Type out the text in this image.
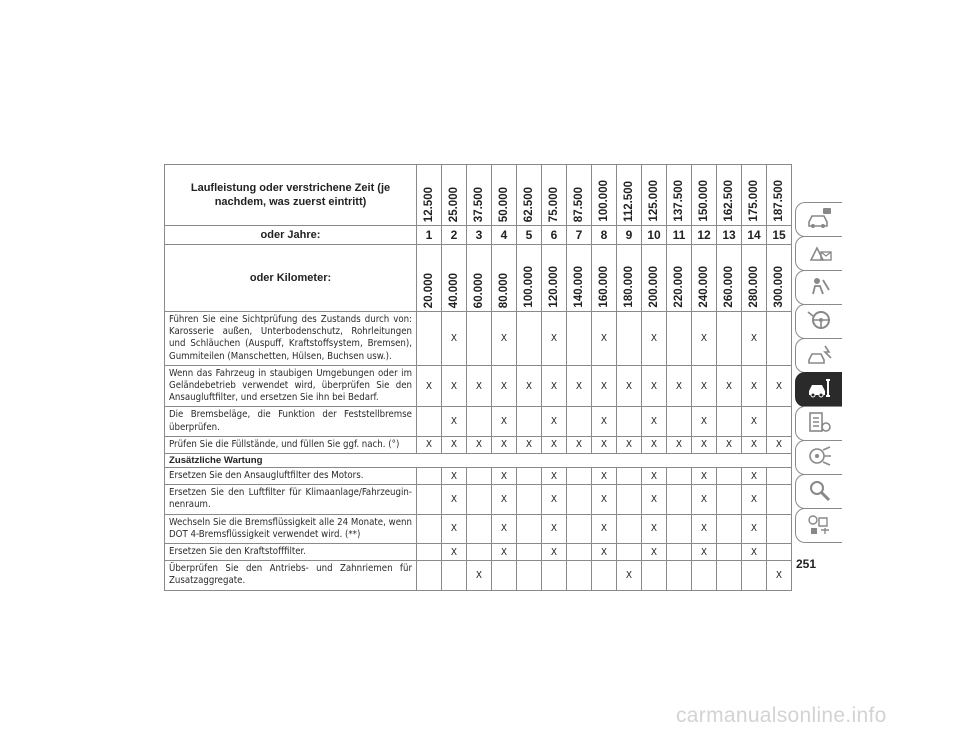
Laufleistung oder verstrichene Zeit (je nachdem, was zuerst eintritt)	12.500	25.000	37.500	50.000	62.500	75.000	87.500	100.000	112.500	125.000	137.500	150.000	162.500	175.000	187.500

oder Jahre:	1	2	3	4	5	6	7	8	9	10	11	12	13	14	15
oder Kilometer:	20.000	40.000	60.000	80.000	100.000	120.000	140.000	160.000	180.000	200.000	220.000	240.000	260.000	280.000	300.000

Führen Sie eine Sichtprüfung des Zustands durch von: Karosserie außen, Unterbodenschutz, Rohrleitungen und Schläuchen (Auspuff, Kraftstoffsystem, Bremsen), Gummiteilen (Manschetten, Hülsen, Buchsen usw.).		X		X		X		X		X		X		X	
Wenn das Fahrzeug in staubigen Umgebungen oder im Geländebetrieb verwendet wird, überprüfen Sie den Ansaugluftfilter, und ersetzen Sie ihn bei Bedarf.	X	X	X	X	X	X	X	X	X	X	X	X	X	X	X
Die Bremsbeläge, die Funktion der Feststellbremse überprüfen.		X		X		X		X		X		X		X	
Prüfen Sie die Füllstände, und füllen Sie ggf. nach. (°)	X	X	X	X	X	X	X	X	X	X	X	X	X	X	X
Zusätzliche Wartung															
Ersetzen Sie den Ansaugluftfilter des Motors.		X		X		X		X		X		X		X	
Ersetzen Sie den Luftfilter für Klimaanlage/Fahrzeugin-nenraum.		X		X		X		X		X		X		X	
Wechseln Sie die Bremsflüssigkeit alle 24 Monate, wenn DOT 4-Bremsflüssigkeit verwendet wird. (**)		X		X		X		X		X		X		X	
Ersetzen Sie den Kraftstofffilter.		X		X		X		X		X		X		X	
Überprüfen Sie den Antriebs- und Zahnriemen für Zusatzaggregate.			X						X						X
251
carmanualsonline.info
